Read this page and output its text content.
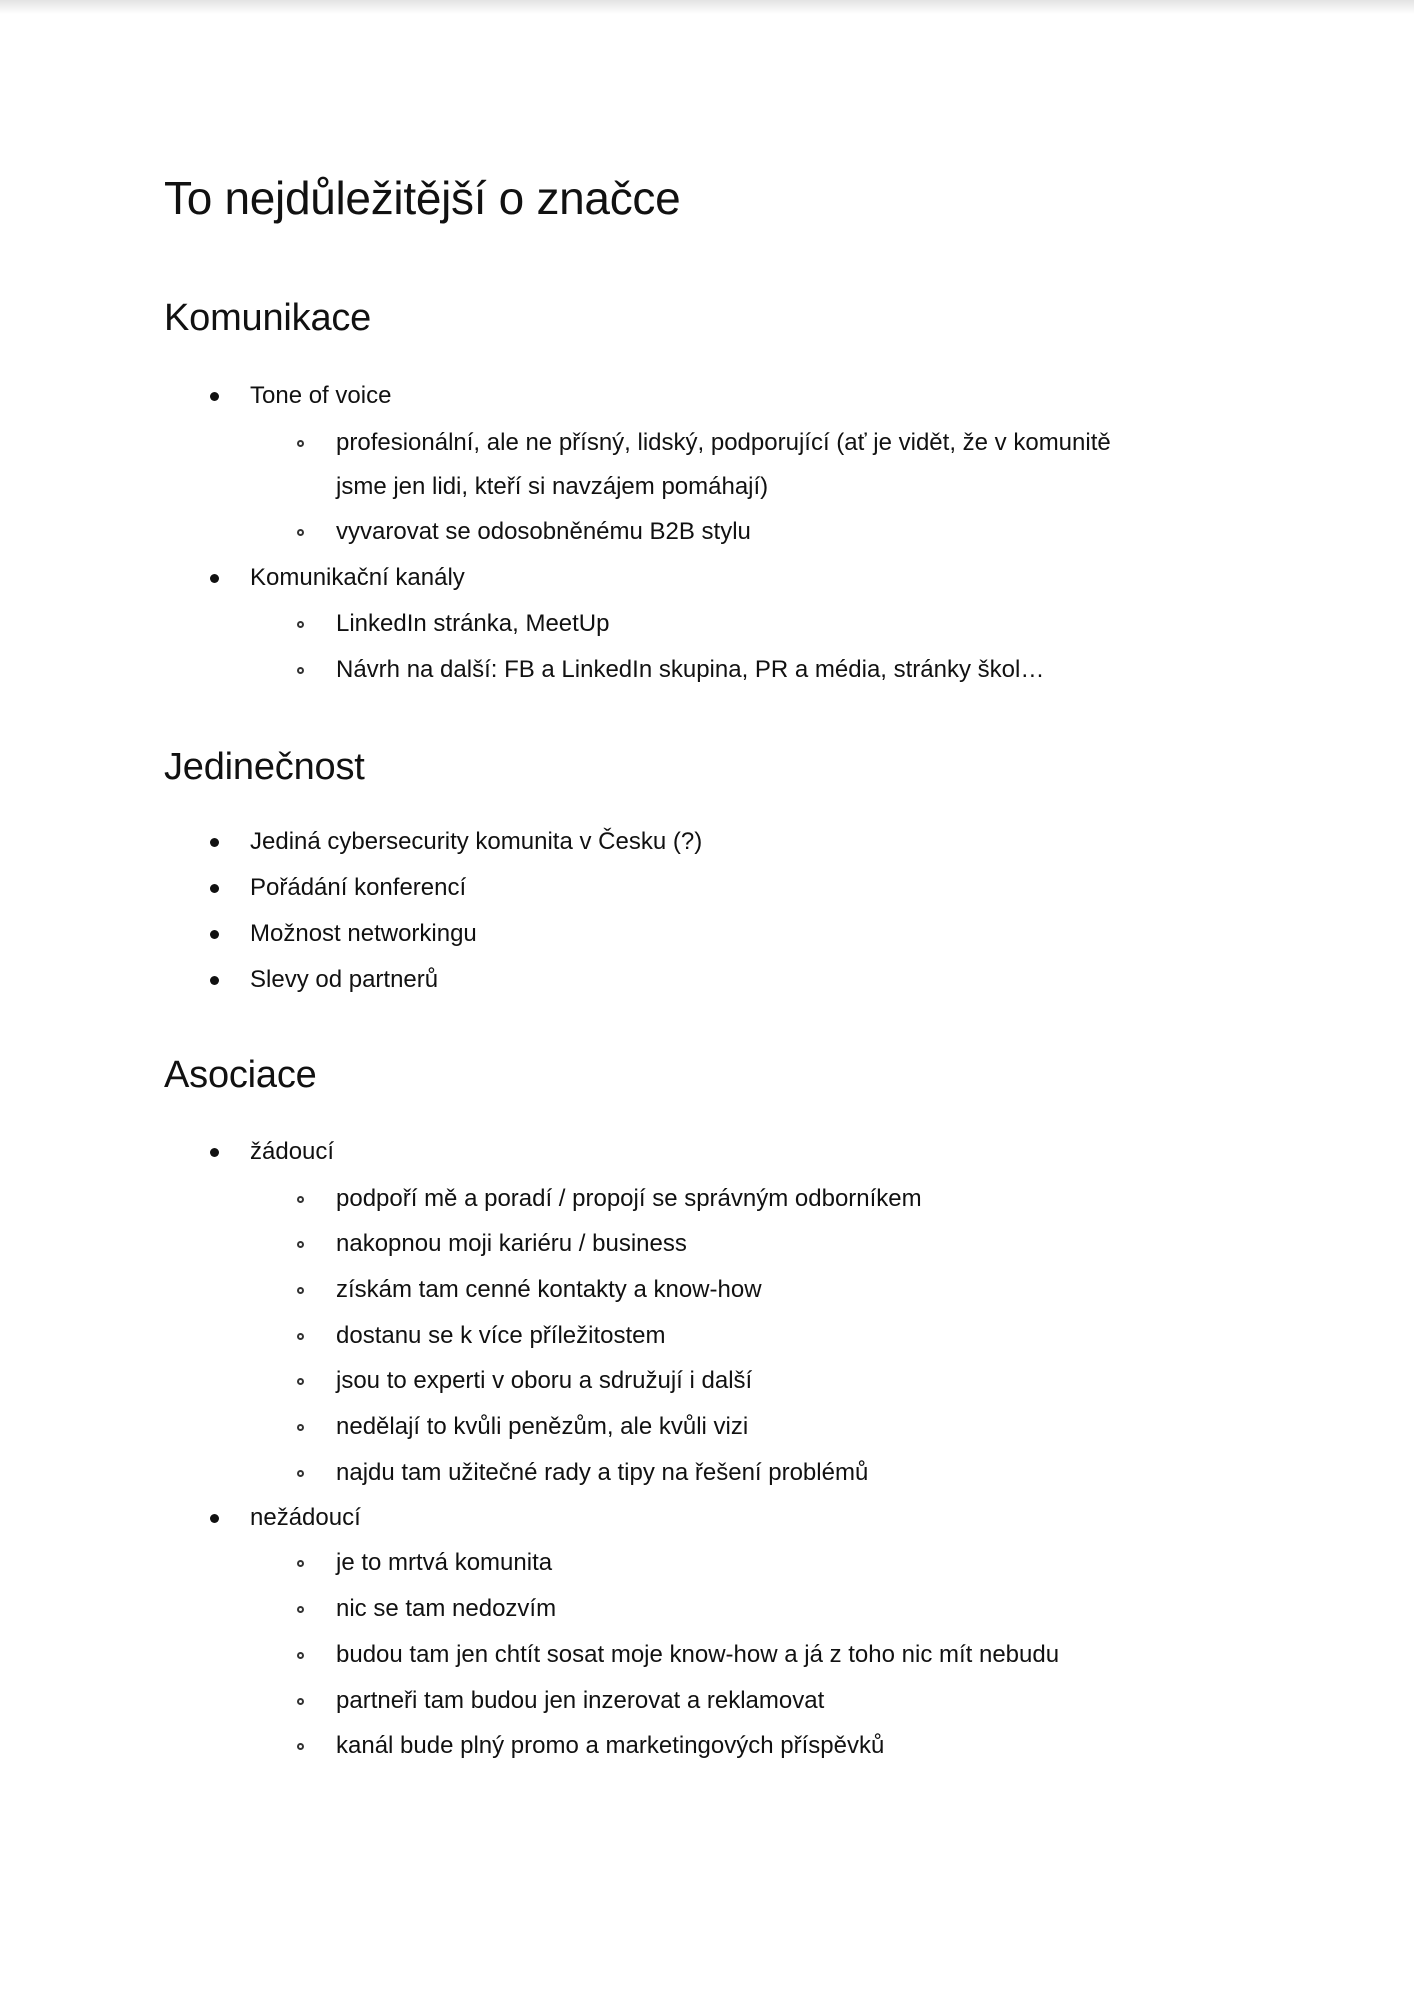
To nejdůležitější o značce
Komunikace
Tone of voice
profesionální, ale ne přísný, lidský, podporující (ať je vidět, že v komunitě
jsme jen lidi, kteří si navzájem pomáhají)
vyvarovat se odosobněnému B2B stylu
Komunikační kanály
LinkedIn stránka, MeetUp
Návrh na další: FB a LinkedIn skupina, PR a média, stránky škol…
Jedinečnost
Jediná cybersecurity komunita v Česku (?)
Pořádání konferencí
Možnost networkingu
Slevy od partnerů
Asociace
žádoucí
podpoří mě a poradí / propojí se správným odborníkem
nakopnou moji kariéru / business
získám tam cenné kontakty a know-how
dostanu se k více příležitostem
jsou to experti v oboru a sdružují i další
nedělají to kvůli penězům, ale kvůli vizi
najdu tam užitečné rady a tipy na řešení problémů
nežádoucí
je to mrtvá komunita
nic se tam nedozvím
budou tam jen chtít sosat moje know-how a já z toho nic mít nebudu
partneři tam budou jen inzerovat a reklamovat
kanál bude plný promo a marketingových příspěvků
